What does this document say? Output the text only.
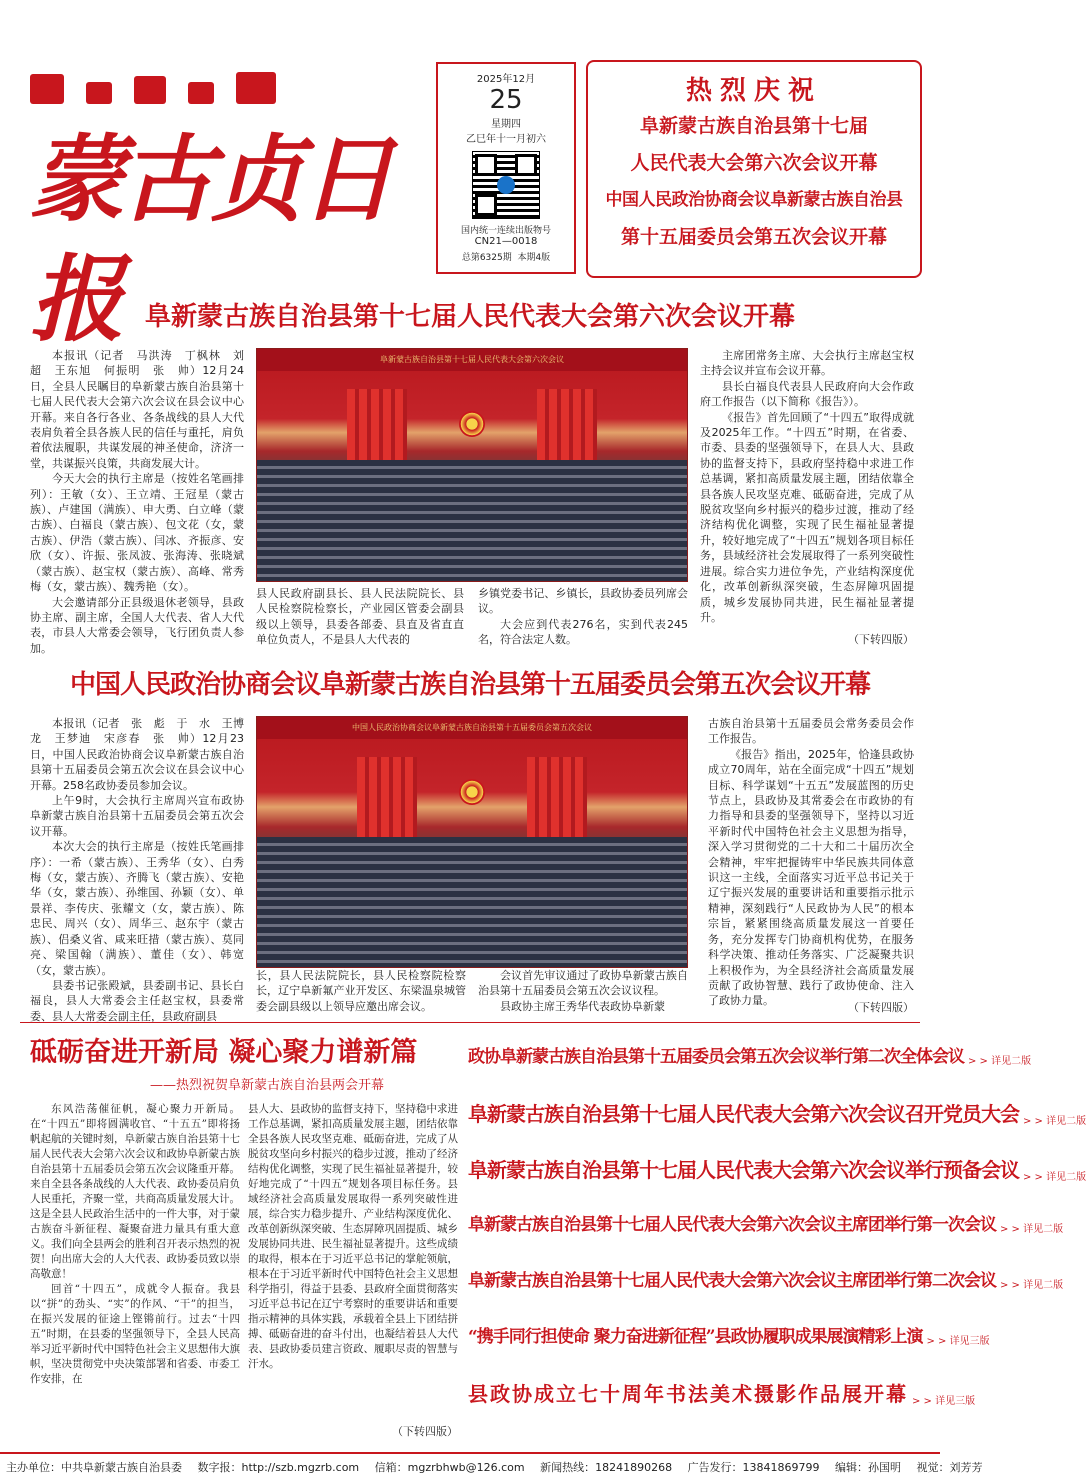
蒙古贞日报
2025年12月
25
星期四
乙巳年十一月初六
国内统一连续出版物号
CN21—0018
总第6325期 本期4版
热烈庆祝
阜新蒙古族自治县第十七届
人民代表大会第六次会议开幕
中国人民政治协商会议阜新蒙古族自治县
第十五届委员会第五次会议开幕
阜新蒙古族自治县第十七届人民代表大会第六次会议开幕

本报讯（记者　马洪涛　丁枫林　刘　超　王东旭　何振明　张　帅）12月24日，全县人民瞩目的阜新蒙古族自治县第十七届人民代表大会第六次会议在县会议中心开幕。来自各行各业、各条战线的县人大代表肩负着全县各族人民的信任与重托，肩负着依法履职，共谋发展的神圣使命，济济一堂，共谋振兴良策，共商发展大计。

今天大会的执行主席是（按姓名笔画排列）：王敏（女）、王立靖、王冠星（蒙古族）、卢建国（满族）、申大勇、白立峰（蒙古族）、白福良（蒙古族）、包文花（女，蒙古族）、伊浩（蒙古族）、闫冰、齐振彦、安欣（女）、许振、张凤波、张海涛、张晓斌（蒙古族）、赵宝权（蒙古族）、高峰、常秀梅（女，蒙古族）、魏秀艳（女）。

大会邀请部分正县级退休老领导，县政协主席、副主席，全国人大代表、省人大代表，市县人大常委会领导，飞行团负责人参加。

阜新蒙古族自治县第十七届人民代表大会第六次会议

县人民政府副县长、县人民法院院长、县人民检察院检察长，产业园区管委会副县级以上领导，县委各部委、县直及省直直单位负责人，不是县人大代表的

乡镇党委书记、乡镇长，县政协委员列席会议。

大会应到代表276名，实到代表245名，符合法定人数。

主席团常务主席、大会执行主席赵宝权主持会议并宣布会议开幕。

县长白福良代表县人民政府向大会作政府工作报告（以下简称《报告》）。

《报告》首先回顾了“十四五”取得成就及2025年工作。“十四五”时期，在省委、市委、县委的坚强领导下，在县人大、县政协的监督支持下，县政府坚持稳中求进工作总基调，紧扣高质量发展主题，团结依靠全县各族人民攻坚克难、砥砺奋进，完成了从脱贫攻坚向乡村振兴的稳步过渡，推动了经济结构优化调整，实现了民生福祉显著提升，较好地完成了“十四五”规划各项目标任务，县域经济社会发展取得了一系列突破性进展。综合实力进位争先，产业结构深度优化，改革创新纵深突破，生态屏障巩固提质，城乡发展协同共进，民生福祉显著提升。

（下转四版）
中国人民政治协商会议阜新蒙古族自治县第十五届委员会第五次会议开幕

本报讯（记者　张　彪　于　水　王博龙　王梦迪　宋彦春　张　帅）12月23日，中国人民政治协商会议阜新蒙古族自治县第十五届委员会第五次会议在县会议中心开幕。258名政协委员参加会议。

上午9时，大会执行主席周兴宣布政协阜新蒙古族自治县第十五届委员会第五次会议开幕。

本次大会的执行主席是（按姓氏笔画排序）：一希（蒙古族）、王秀华（女）、白秀梅（女，蒙古族）、齐腾飞（蒙古族）、安艳华（女，蒙古族）、孙维国、孙颖（女）、单景祥、李传庆、张耀文（女，蒙古族）、陈忠民、周兴（女）、周华三、赵东宇（蒙古族）、侣桑义省、咸来旺措（蒙古族）、莫同亮、梁国翰（满族）、董佳（女）、韩宽（女，蒙古族）。

县委书记张殿斌，县委副书记、县长白福良，县人大常委会主任赵宝权，县委常委、县人大常委会副主任，县政府副县

中国人民政治协商会议阜新蒙古族自治县第十五届委员会第五次会议

长，县人民法院院长，县人民检察院检察长，辽宁阜新氟产业开发区、东梁温泉城管委会副县级以上领导应邀出席会议。

会议首先审议通过了政协阜新蒙古族自治县第十五届委员会第五次会议议程。

县政协主席王秀华代表政协阜新蒙

古族自治县第十五届委员会常务委员会作工作报告。

《报告》指出，2025年，恰逢县政协成立70周年，站在全面完成“十四五”规划目标、科学谋划“十五五”发展蓝图的历史节点上，县政协及其常委会在市政协的有力指导和县委的坚强领导下，坚持以习近平新时代中国特色社会主义思想为指导，深入学习贯彻党的二十大和二十届历次全会精神，牢牢把握铸牢中华民族共同体意识这一主线，全面落实习近平总书记关于辽宁振兴发展的重要讲话和重要指示批示精神，深刻践行“人民政协为人民”的根本宗旨，紧紧围绕高质量发展这一首要任务，充分发挥专门协商机构优势，在服务科学决策、推动任务落实、广泛凝聚共识上积极作为，为全县经济社会高质量发展贡献了政协智慧、践行了政协使命、注入了政协力量。

（下转四版）
砥砺奋进开新局 凝心聚力谱新篇
——热烈祝贺阜新蒙古族自治县两会开幕

东风浩荡催征帆，凝心聚力开新局。在“十四五”即将圆满收官、“十五五”即将扬帆起航的关键时刻，阜新蒙古族自治县第十七届人民代表大会第六次会议和政协阜新蒙古族自治县第十五届委员会第五次会议隆重开幕。来自全县各条战线的人大代表、政协委员肩负人民重托，齐聚一堂，共商高质量发展大计。这是全县人民政治生活中的一件大事，对于蒙古族奋斗新征程、凝聚奋进力量具有重大意义。我们向全县两会的胜利召开表示热烈的祝贺！向出席大会的人大代表、政协委员致以崇高敬意！

回首“十四五”，成就令人振奋。我县以“拼”的劲头、“实”的作风、“干”的担当，在振兴发展的征途上铿锵前行。过去“十四五”时期，在县委的坚强领导下，全县人民高举习近平新时代中国特色社会主义思想伟大旗帜，坚决贯彻党中央决策部署和省委、市委工作安排，在

县人大、县政协的监督支持下，坚持稳中求进工作总基调，紧扣高质量发展主题，团结依靠全县各族人民攻坚克难、砥砺奋进，完成了从脱贫攻坚向乡村振兴的稳步过渡，推动了经济结构优化调整，实现了民生福祉显著提升，较好地完成了“十四五”规划各项目标任务。县域经济社会高质量发展取得一系列突破性进展，综合实力稳步提升、产业结构深度优化、改革创新纵深突破、生态屏障巩固提质、城乡发展协同共进、民生福祉显著提升。这些成绩的取得，根本在于习近平总书记的掌舵领航，根本在于习近平新时代中国特色社会主义思想科学指引，得益于县委、县政府全面贯彻落实习近平总书记在辽宁考察时的重要讲话和重要指示精神的具体实践，承载着全县上下团结拼搏、砥砺奋进的奋斗付出，也凝结着县人大代表、县政协委员建言资政、履职尽责的智慧与汗水。

（下转四版）
政协阜新蒙古族自治县第十五届委员会第五次会议举行第二次全体会议 > > 详见二版
阜新蒙古族自治县第十七届人民代表大会第六次会议召开党员大会 > > 详见二版
阜新蒙古族自治县第十七届人民代表大会第六次会议举行预备会议 > > 详见二版
阜新蒙古族自治县第十七届人民代表大会第六次会议主席团举行第一次会议 > > 详见二版
阜新蒙古族自治县第十七届人民代表大会第六次会议主席团举行第二次会议 > > 详见二版
“携手同行担使命 聚力奋进新征程”县政协履职成果展演精彩上演 > > 详见三版
县政协成立七十周年书法美术摄影作品展开幕 > > 详见三版
主办单位：中共阜新蒙古族自治县委 数字报：http://szb.mgzrb.com 信箱：mgzrbhwb@126.com 新闻热线：18241890268 广告发行：13841869799 编辑：孙国明 视觉：刘芳芳
